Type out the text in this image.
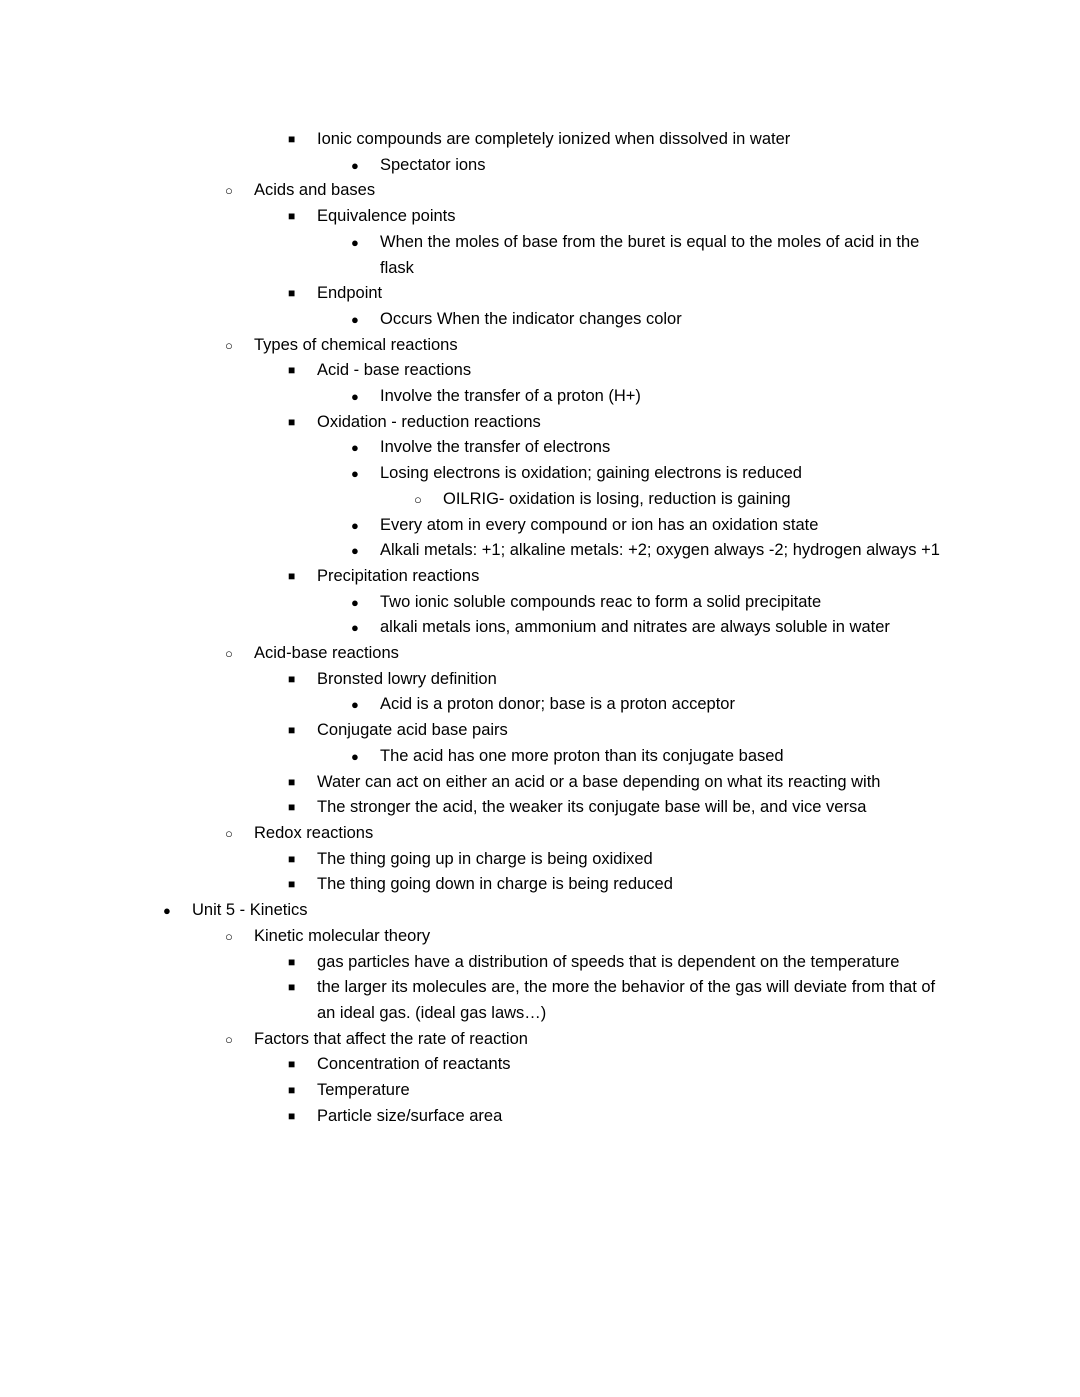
■	Ionic compounds are completely ionized when dissolved in water
●	Spectator ions
○	Acids and bases
■	Equivalence points
●	When the moles of base from the buret is equal to the moles of acid in the flask
■	Endpoint
●	Occurs When the indicator changes color
○	Types of chemical reactions
■	Acid - base reactions
●	Involve the transfer of a proton (H+)
■	Oxidation - reduction reactions
●	Involve the transfer of electrons
●	Losing electrons is oxidation; gaining electrons is reduced
○	OILRIG- oxidation is losing, reduction is gaining
●	Every atom in every compound or ion has an oxidation state
●	Alkali metals: +1; alkaline metals: +2; oxygen always -2; hydrogen always +1
■	Precipitation reactions
●	Two ionic soluble compounds reac to form a solid precipitate
●	alkali metals ions, ammonium and nitrates are always soluble in water
○	Acid-base reactions
■	Bronsted lowry definition
●	Acid is a proton donor; base is a proton acceptor
■	Conjugate acid base pairs
●	The acid has one more proton than its conjugate based
■	Water can act on either an acid or a base depending on what its reacting with
■	The stronger the acid, the weaker its conjugate base will be, and vice versa
○	Redox reactions
■	The thing going up in charge is being oxidixed
■	The thing going down in charge is being reduced
●	Unit 5 - Kinetics
○	Kinetic molecular theory
■	gas particles have a distribution of speeds that is dependent on the temperature
■	the larger its molecules are, the more the behavior of the gas will deviate from that of an ideal gas. (ideal gas laws…)
○	Factors that affect the rate of reaction
■	Concentration of reactants
■	Temperature
■	Particle size/surface area
